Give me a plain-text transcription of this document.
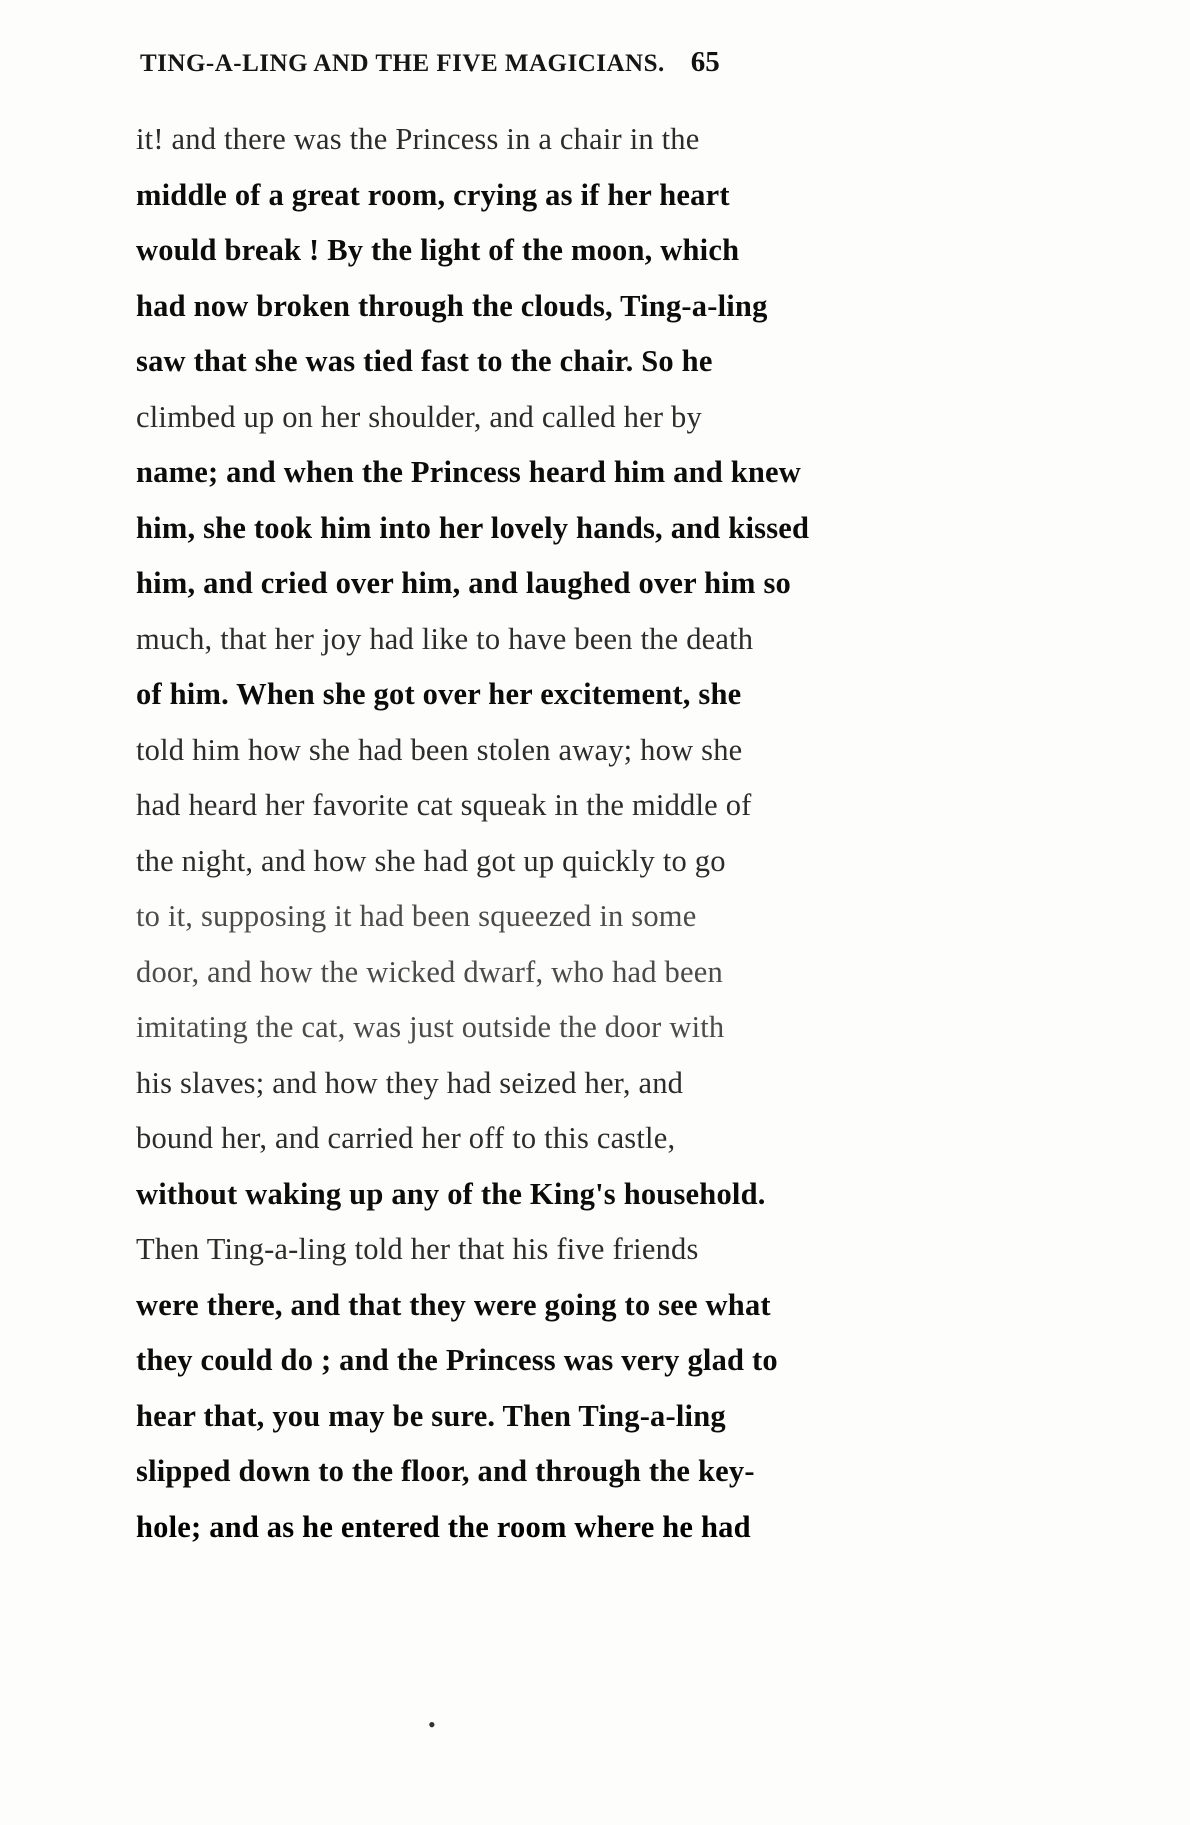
TING-A-LING AND THE FIVE MAGICIANS. 65
it! and there was the Princess in a chair in the
middle of a great room, crying as if her heart
would break ! By the light of the moon, which
had now broken through the clouds, Ting-a-ling
saw that she was tied fast to the chair. So he
climbed up on her shoulder, and called her by
name; and when the Princess heard him and knew
him, she took him into her lovely hands, and kissed
him, and cried over him, and laughed over him so
much, that her joy had like to have been the death
of him. When she got over her excitement, she
told him how she had been stolen away; how she
had heard her favorite cat squeak in the middle of
the night, and how she had got up quickly to go
to it, supposing it had been squeezed in some
door, and how the wicked dwarf, who had been
imitating the cat, was just outside the door with
his slaves; and how they had seized her, and
bound her, and carried her off to this castle,
without waking up any of the King's household.
Then Ting-a-ling told her that his five friends
were there, and that they were going to see what
they could do ; and the Princess was very glad to
hear that, you may be sure. Then Ting-a-ling
slipped down to the floor, and through the key-
hole; and as he entered the room where he had
•
